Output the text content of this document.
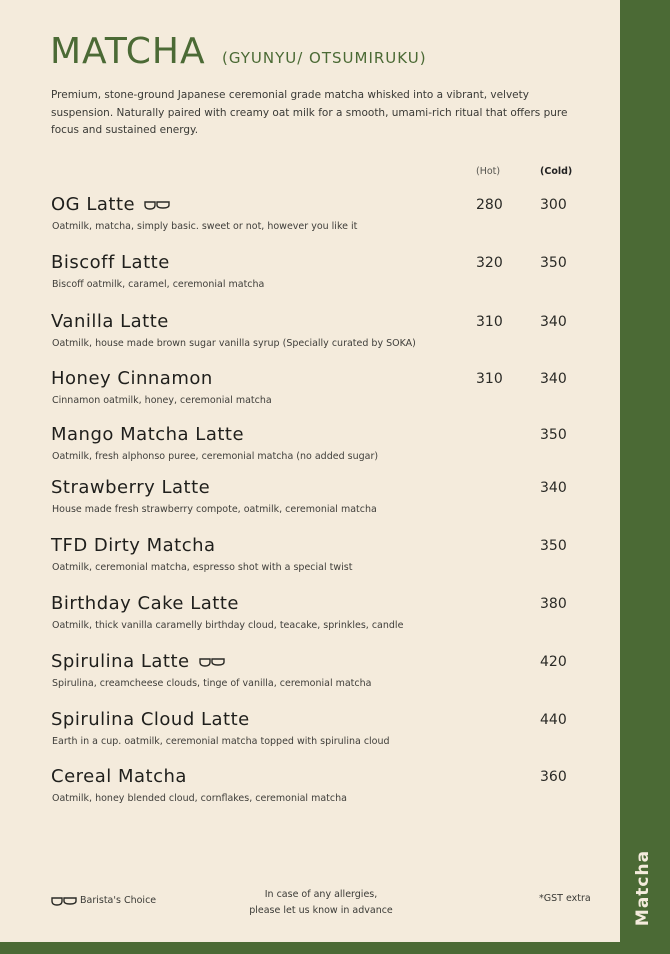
Matcha
MATCHA (GYUNYU/ OTSUMIRUKU)
Premium, stone-ground Japanese ceremonial grade matcha whisked into a vibrant, velvety suspension. Naturally paired with creamy oat milk for a smooth, umami-rich ritual that offers pure focus and sustained energy.
(Hot)	(Cold)
OG Latte
Oatmilk, matcha, simply basic. sweet or not, however you like it
280	300
Biscoff Latte
Biscoff oatmilk, caramel, ceremonial matcha
320	350
Vanilla Latte
Oatmilk, house made brown sugar vanilla syrup (Specially curated by SOKA)
310	340
Honey Cinnamon
Cinnamon oatmilk, honey, ceremonial matcha
310	340
Mango Matcha Latte
Oatmilk, fresh alphonso puree, ceremonial matcha (no added sugar)
350
Strawberry Latte
House made fresh strawberry compote, oatmilk, ceremonial matcha
340
TFD Dirty Matcha
Oatmilk, ceremonial matcha, espresso shot with a special twist
350
Birthday Cake Latte
Oatmilk, thick vanilla caramelly birthday cloud, teacake, sprinkles, candle
380
Spirulina Latte
Spirulina, creamcheese clouds, tinge of vanilla, ceremonial matcha
420
Spirulina Cloud Latte
Earth in a cup. oatmilk, ceremonial matcha topped with spirulina cloud
440
Cereal Matcha
Oatmilk, honey blended cloud, cornflakes, ceremonial matcha
360
Barista's Choice
In case of any allergies,
please let us know in advance
*GST extra
